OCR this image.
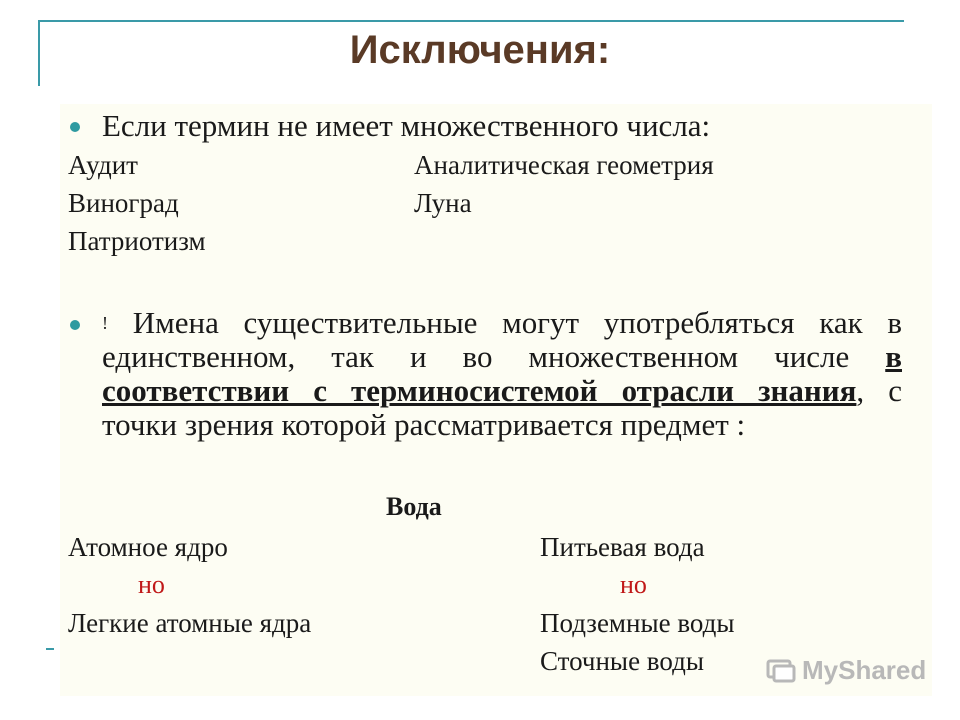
Исключения:
Если термин не имеет множественного числа:
Аудит
Виноград
Патриотизм
Аналитическая геометрия
Луна
! Имена существительные могут употребляться как в единственном, так и во множественном числе в соответствии с терминосистемой отрасли знания, с точки зрения которой рассматривается предмет :
Вода
Атомное ядро
но
Легкие атомные ядра
Питьевая вода
но
Подземные воды
Сточные воды	MyShared
